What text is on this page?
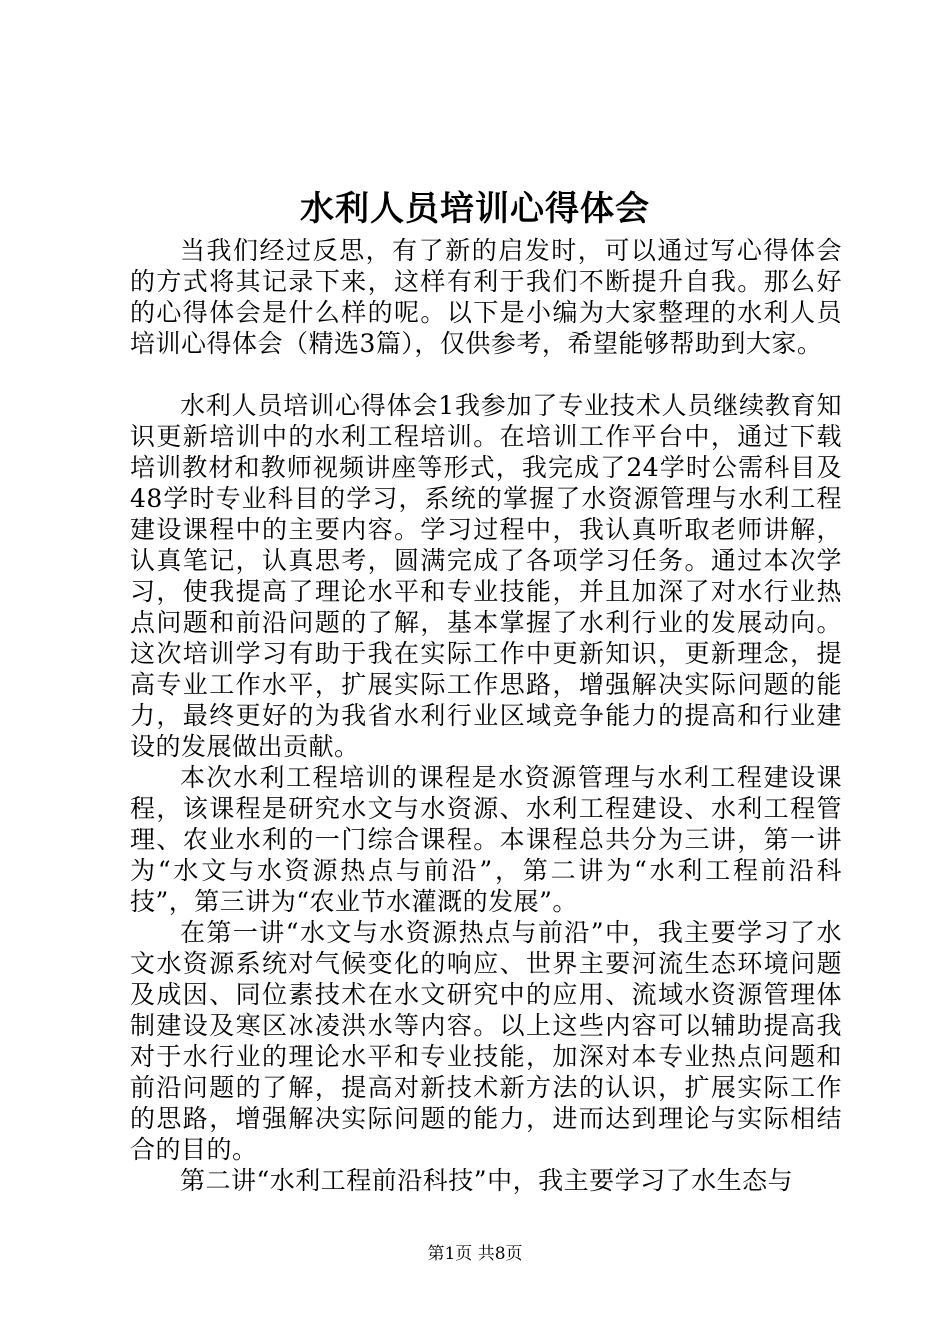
水利人员培训心得体会

当我们经过反思，有了新的启发时，可以通过写心得体会的方式将其记录下来，这样有利于我们不断提升自我。那么好的心得体会是什么样的呢。以下是小编为大家整理的水利人员培训心得体会（精选3篇），仅供参考，希望能够帮助到大家。

水利人员培训心得体会1我参加了专业技术人员继续教育知识更新培训中的水利工程培训。在培训工作平台中，通过下载培训教材和教师视频讲座等形式，我完成了24学时公需科目及48学时专业科目的学习，系统的掌握了水资源管理与水利工程建设课程中的主要内容。学习过程中，我认真听取老师讲解，认真笔记，认真思考，圆满完成了各项学习任务。通过本次学习，使我提高了理论水平和专业技能，并且加深了对水行业热点问题和前沿问题的了解，基本掌握了水利行业的发展动向。这次培训学习有助于我在实际工作中更新知识，更新理念，提高专业工作水平，扩展实际工作思路，增强解决实际问题的能力，最终更好的为我省水利行业区域竞争能力的提高和行业建设的发展做出贡献。

本次水利工程培训的课程是水资源管理与水利工程建设课程，该课程是研究水文与水资源、水利工程建设、水利工程管理、农业水利的一门综合课程。本课程总共分为三讲，第一讲为“水文与水资源热点与前沿”，第二讲为“水利工程前沿科技”，第三讲为“农业节水灌溉的发展”。

在第一讲“水文与水资源热点与前沿”中，我主要学习了水文水资源系统对气候变化的响应、世界主要河流生态环境问题及成因、同位素技术在水文研究中的应用、流域水资源管理体制建设及寒区冰凌洪水等内容。以上这些内容可以辅助提高我对于水行业的理论水平和专业技能，加深对本专业热点问题和前沿问题的了解，提高对新技术新方法的认识，扩展实际工作的思路，增强解决实际问题的能力，进而达到理论与实际相结合的目的。

第二讲“水利工程前沿科技”中，我主要学习了水生态与

第1页 共8页
